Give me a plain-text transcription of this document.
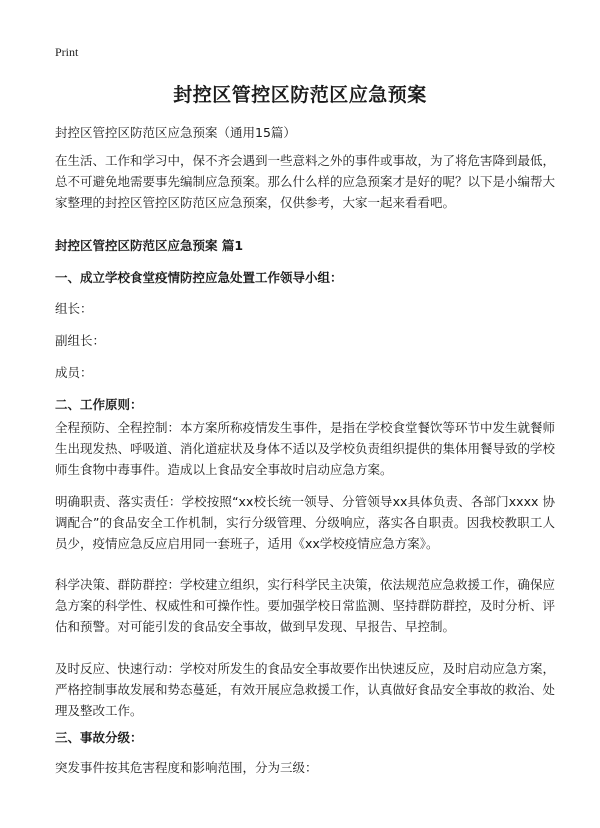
Print
封控区管控区防范区应急预案
封控区管控区防范区应急预案（通用15篇）
在生活、工作和学习中，保不齐会遇到一些意料之外的事件或事故，为了将危害降到最低，总不可避免地需要事先编制应急预案。那么什么样的应急预案才是好的呢？以下是小编帮大家整理的封控区管控区防范区应急预案，仅供参考，大家一起来看看吧。
封控区管控区防范区应急预案 篇1
一、成立学校食堂疫情防控应急处置工作领导小组：
组长：
副组长：
成员：
二、工作原则：
全程预防、全程控制：本方案所称疫情发生事件，是指在学校食堂餐饮等环节中发生就餐师生出现发热、呼吸道、消化道症状及身体不适以及学校负责组织提供的集体用餐导致的学校师生食物中毒事件。造成以上食品安全事故时启动应急方案。
明确职责、落实责任：学校按照“xx校长统一领导、分管领导xx具体负责、各部门xxxx 协调配合”的食品安全工作机制，实行分级管理、分级响应，落实各自职责。因我校教职工人员少，疫情应急反应启用同一套班子，适用《xx学校疫情应急方案》。
科学决策、群防群控：学校建立组织，实行科学民主决策，依法规范应急救援工作，确保应急方案的科学性、权威性和可操作性。要加强学校日常监测、坚持群防群控，及时分析、评估和预警。对可能引发的食品安全事故，做到早发现、早报告、早控制。
及时反应、快速行动：学校对所发生的食品安全事故要作出快速反应，及时启动应急方案，严格控制事故发展和势态蔓延，有效开展应急救援工作，认真做好食品安全事故的救治、处理及整改工作。
三、事故分级：
突发事件按其危害程度和影响范围，分为三级：
